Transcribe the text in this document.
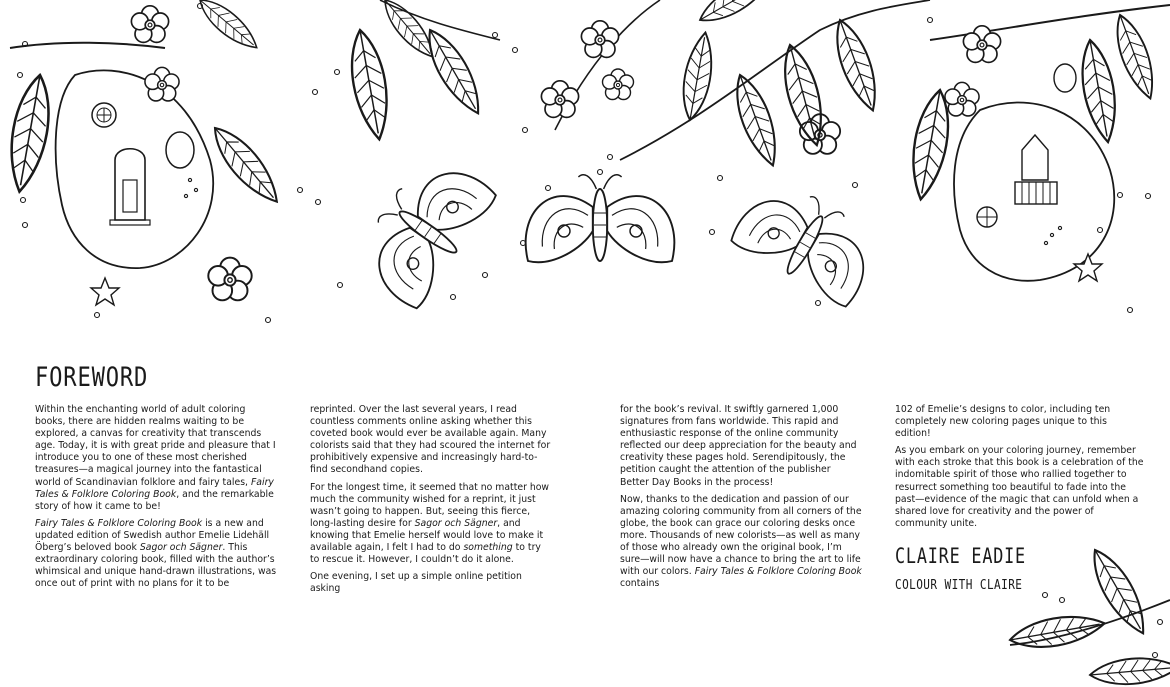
FOREWORD

Within the enchanting world of adult coloring books, there are hidden realms waiting to be explored, a canvas for creativity that transcends age. Today, it is with great pride and pleasure that I introduce you to one of these most cherished treasures—a magical journey into the fantastical world of Scandinavian folklore and fairy tales, Fairy Tales & Folklore Coloring Book, and the remarkable story of how it came to be!

Fairy Tales & Folklore Coloring Book is a new and updated edition of Swedish author Emelie Lidehäll Öberg’s beloved book Sagor och Sägner. This extraordinary coloring book, filled with the author’s whimsical and unique hand-drawn illustrations, was once out of print with no plans for it to be

reprinted. Over the last several years, I read countless comments online asking whether this coveted book would ever be available again. Many colorists said that they had scoured the internet for prohibitively expensive and increasingly hard-to-find secondhand copies.

For the longest time, it seemed that no matter how much the community wished for a reprint, it just wasn’t going to happen. But, seeing this fierce, long-lasting desire for Sagor och Sägner, and knowing that Emelie herself would love to make it available again, I felt I had to do something to try to rescue it. However, I couldn’t do it alone.

One evening, I set up a simple online petition asking

for the book’s revival. It swiftly garnered 1,000 signatures from fans worldwide. This rapid and enthusiastic response of the online community reflected our deep appreciation for the beauty and creativity these pages hold. Serendipitously, the petition caught the attention of the publisher Better Day Books in the process!

Now, thanks to the dedication and passion of our amazing coloring community from all corners of the globe, the book can grace our coloring desks once more. Thousands of new colorists—as well as many of those who already own the original book, I’m sure—will now have a chance to bring the art to life with our colors. Fairy Tales & Folklore Coloring Book contains

102 of Emelie’s designs to color, including ten completely new coloring pages unique to this edition!

As you embark on your coloring journey, remember with each stroke that this book is a celebration of the indomitable spirit of those who rallied together to resurrect something too beautiful to fade into the past—evidence of the magic that can unfold when a shared love for creativity and the power of community unite.

CLAIRE EADIE
COLOUR WITH CLAIRE
